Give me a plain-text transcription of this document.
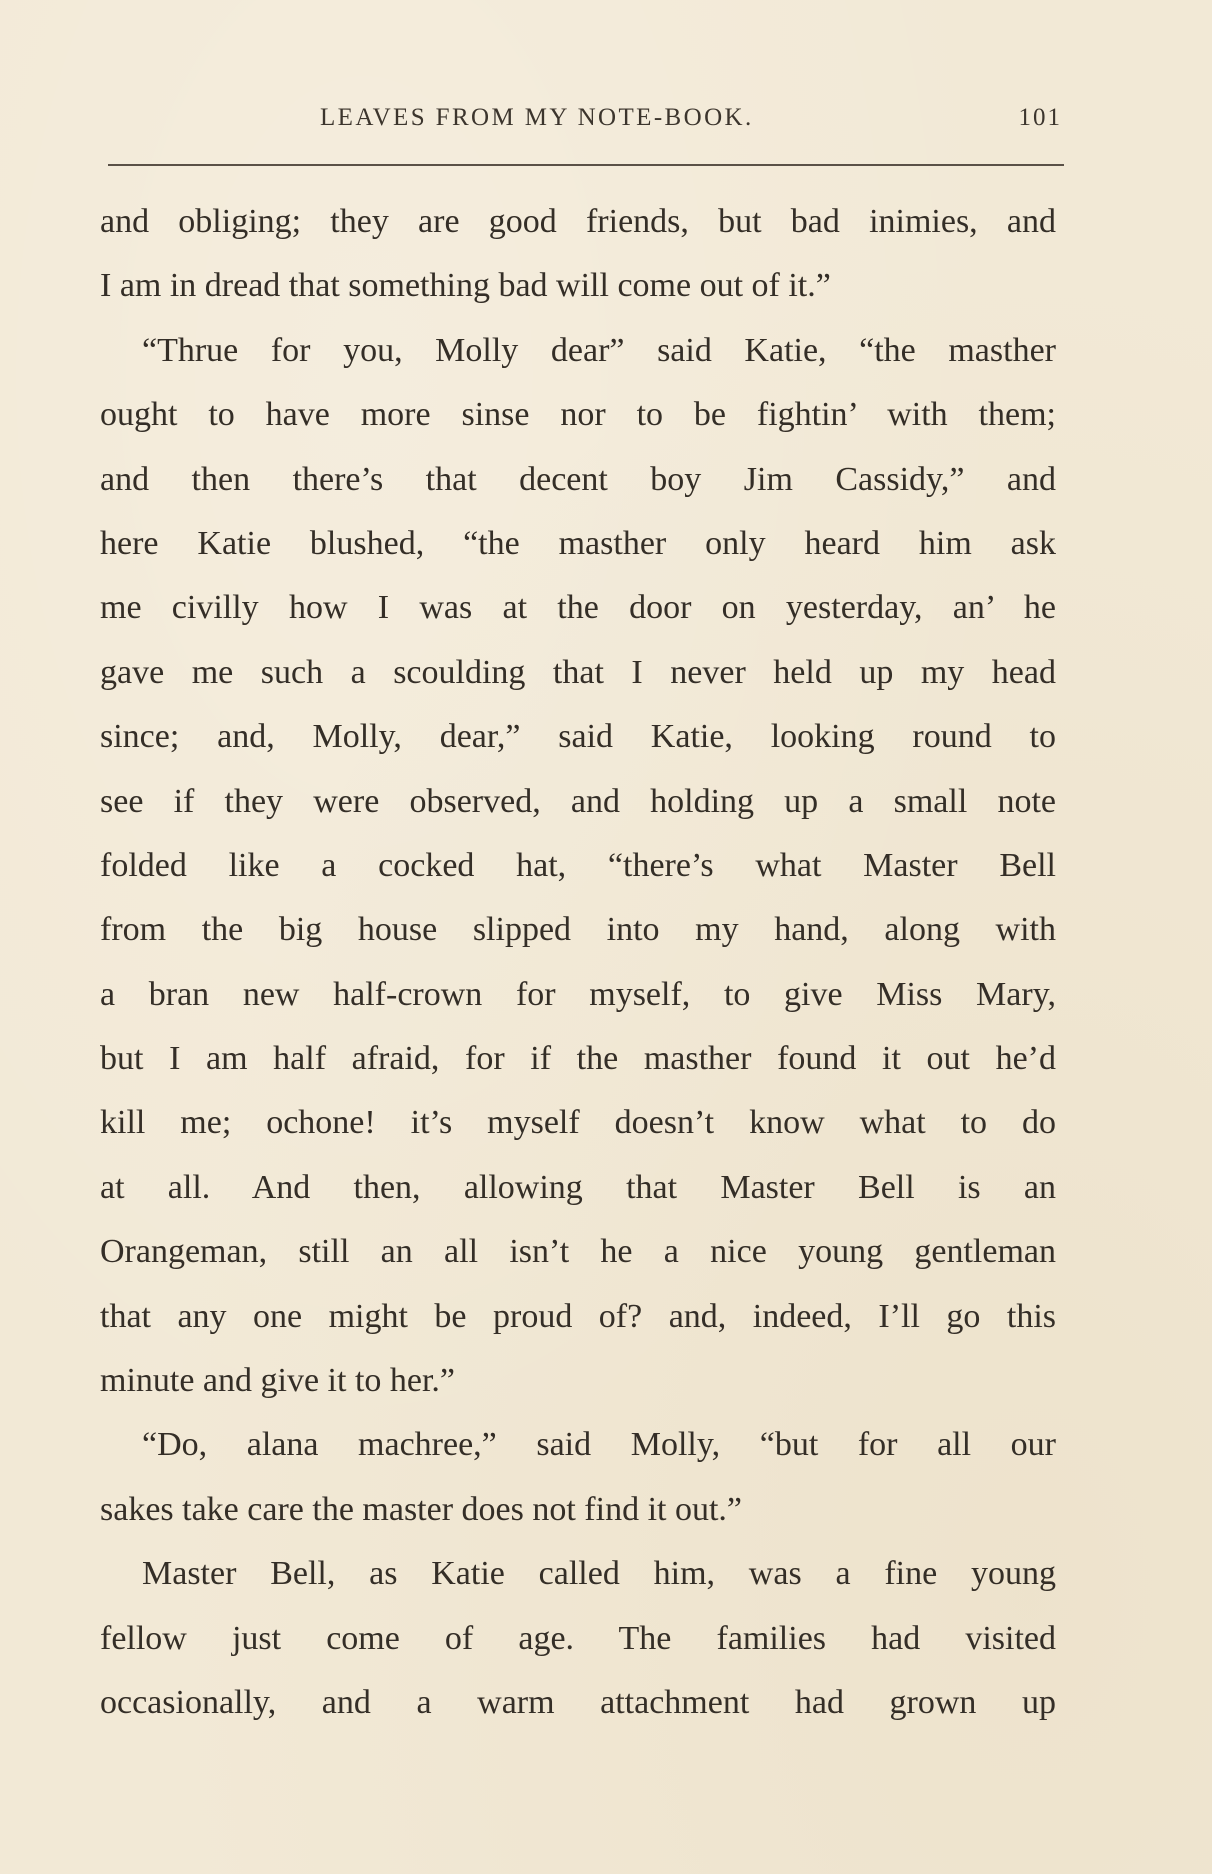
LEAVES FROM MY NOTE-BOOK.	101
and obliging; they are good friends, but bad inimies, and
I am in dread that something bad will come out of it.”
“Thrue for you, Molly dear” said Katie, “the masther
ought to have more sinse nor to be fightin’ with them;
and then there’s that decent boy Jim Cassidy,” and
here Katie blushed, “the masther only heard him ask
me civilly how I was at the door on yesterday, an’ he
gave me such a scoulding that I never held up my head
since; and, Molly, dear,” said Katie, looking round to
see if they were observed, and holding up a small note
folded like a cocked hat, “there’s what Master Bell
from the big house slipped into my hand, along with
a bran new half-crown for myself, to give Miss Mary,
but I am half afraid, for if the masther found it out he’d
kill me; ochone! it’s myself doesn’t know what to do
at all. And then, allowing that Master Bell is an
Orangeman, still an all isn’t he a nice young gentleman
that any one might be proud of? and, indeed, I’ll go this
minute and give it to her.”
“Do, alana machree,” said Molly, “but for all our
sakes take care the master does not find it out.”
Master Bell, as Katie called him, was a fine young
fellow just come of age. The families had visited
occasionally, and a warm attachment had grown up
